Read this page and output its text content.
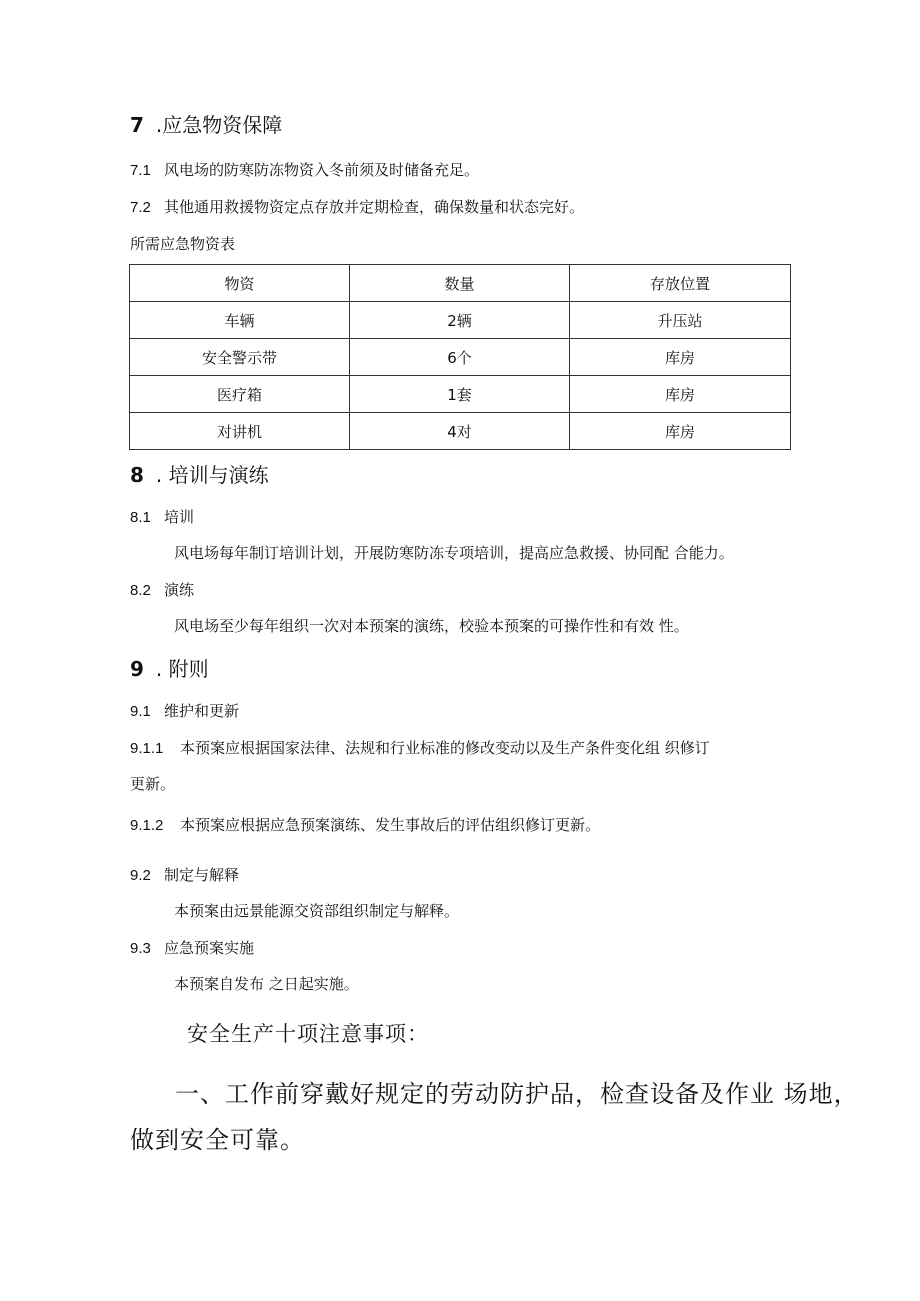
7 .应急物资保障
7.1 风电场的防寒防冻物资入冬前须及时储备充足。
7.2 其他通用救援物资定点存放并定期检查，确保数量和状态完好。
所需应急物资表
物资	数量	存放位置
车辆	2辆	升压站
安全警示带	6个	库房
医疗箱	1套	库房
对讲机	4对	库房
8 . 培训与演练
8.1 培训
风电场每年制订培训计划，开展防寒防冻专项培训，提高应急救援、协同配 合能力。
8.2 演练
风电场至少每年组织一次对本预案的演练，校验本预案的可操作性和有效 性。
9 . 附则
9.1 维护和更新
9.1.1 本预案应根据国家法律、法规和行业标准的修改变动以及生产条件变化组 织修订
更新。
9.1.2 本预案应根据应急预案演练、发生事故后的评估组织修订更新。
9.2 制定与解释
本预案由远景能源交资部组织制定与解释。
9.3 应急预案实施
本预案自发布 之日起实施。
安全生产十项注意事项：
一、工作前穿戴好规定的劳动防护品，检查设备及作业 场地，
做到安全可靠。
